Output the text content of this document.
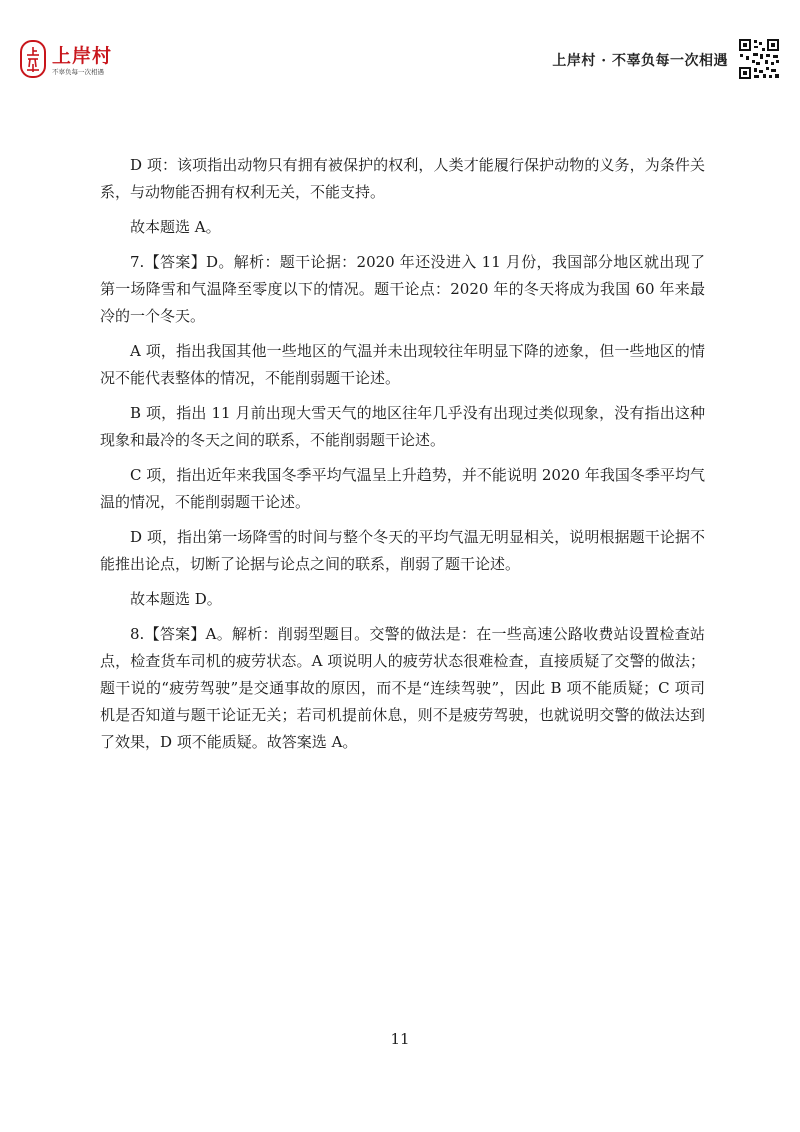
上岸村
不辜负每一次相遇
上岸村 · 不辜负每一次相遇

D 项：该项指出动物只有拥有被保护的权利，人类才能履行保护动物的义务，为条件关系，与动物能否拥有权利无关，不能支持。

故本题选 A。

7.【答案】D。解析：题干论据：2020 年还没进入 11 月份，我国部分地区就出现了第一场降雪和气温降至零度以下的情况。题干论点：2020 年的冬天将成为我国 60 年来最冷的一个冬天。

A 项，指出我国其他一些地区的气温并未出现较往年明显下降的迹象，但一些地区的情况不能代表整体的情况，不能削弱题干论述。

B 项，指出 11 月前出现大雪天气的地区往年几乎没有出现过类似现象，没有指出这种现象和最冷的冬天之间的联系，不能削弱题干论述。

C 项，指出近年来我国冬季平均气温呈上升趋势，并不能说明 2020 年我国冬季平均气温的情况，不能削弱题干论述。

D 项，指出第一场降雪的时间与整个冬天的平均气温无明显相关，说明根据题干论据不能推出论点，切断了论据与论点之间的联系，削弱了题干论述。

故本题选 D。

8.【答案】A。解析：削弱型题目。交警的做法是：在一些高速公路收费站设置检查站点，检查货车司机的疲劳状态。A 项说明人的疲劳状态很难检查，直接质疑了交警的做法；题干说的“疲劳驾驶”是交通事故的原因，而不是“连续驾驶”，因此 B 项不能质疑；C 项司机是否知道与题干论证无关；若司机提前休息，则不是疲劳驾驶，也就说明交警的做法达到了效果，D 项不能质疑。故答案选 A。

11
